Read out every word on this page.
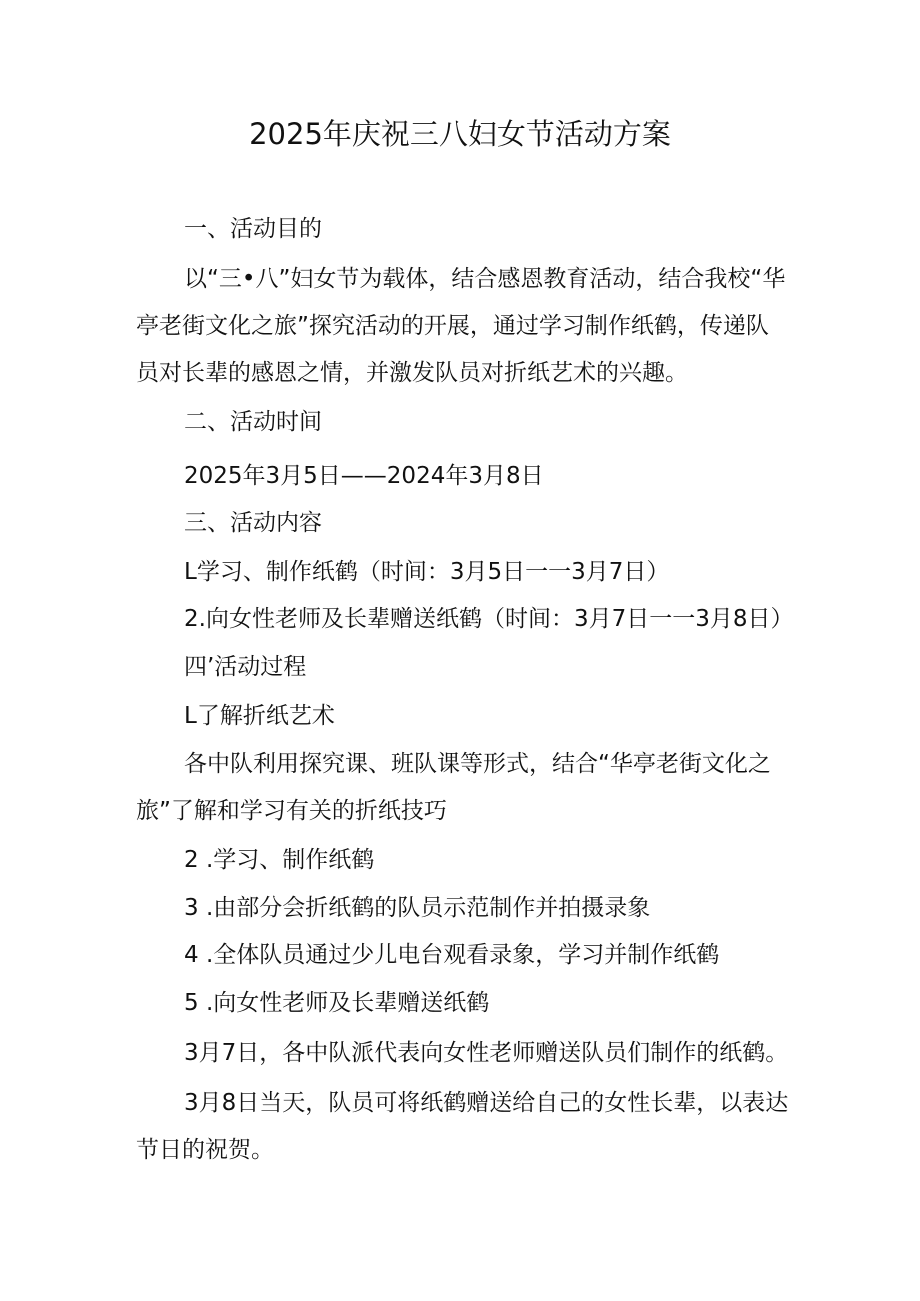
2025年庆祝三八妇女节活动方案
一、活动目的
以“三•八”妇女节为载体，结合感恩教育活动，结合我校“华
亭老街文化之旅”探究活动的开展，通过学习制作纸鹤，传递队
员对长辈的感恩之情，并激发队员对折纸艺术的兴趣。
二、活动时间
2025年3月5日——2024年3月8日
三、活动内容
L学习、制作纸鹤（时间：3月5日一一3月7日）
2.向女性老师及长辈赠送纸鹤（时间：3月7日一一3月8日）
四’活动过程
L了解折纸艺术
各中队利用探究课、班队课等形式，结合“华亭老街文化之
旅”了解和学习有关的折纸技巧
2 .学习、制作纸鹤
3 .由部分会折纸鹤的队员示范制作并拍摄录象
4 .全体队员通过少儿电台观看录象，学习并制作纸鹤
5 .向女性老师及长辈赠送纸鹤
3月7日，各中队派代表向女性老师赠送队员们制作的纸鹤。
3月8日当天，队员可将纸鹤赠送给自己的女性长辈，以表达
节日的祝贺。
